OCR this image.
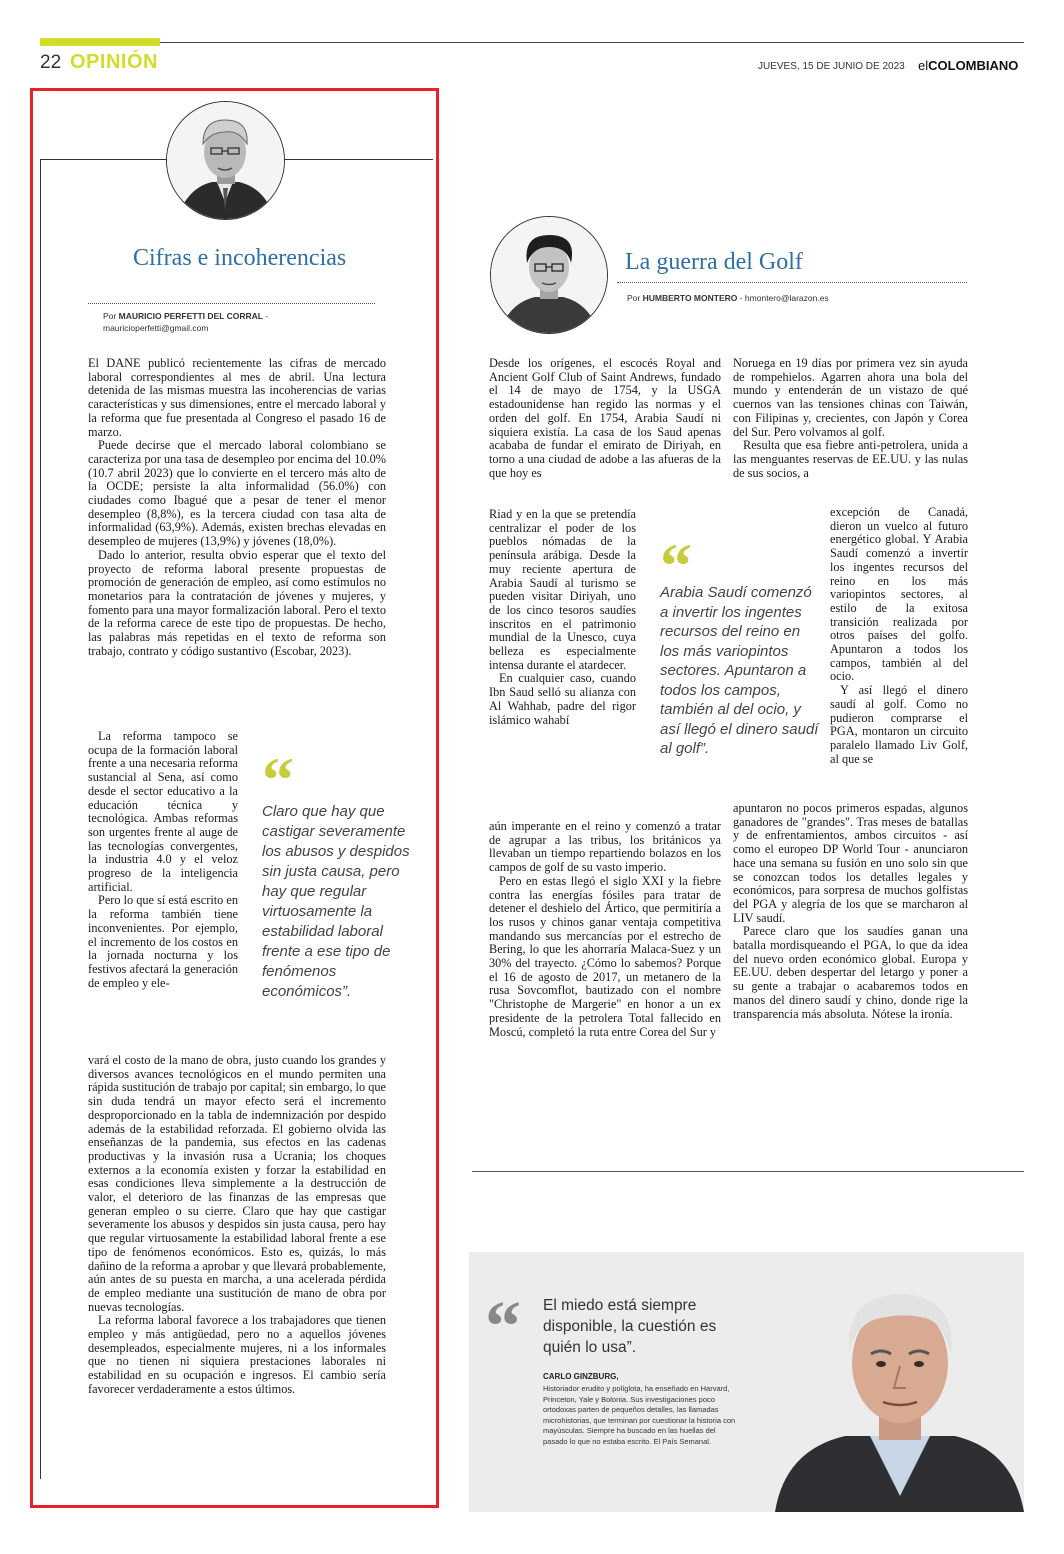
22 OPINIÓN	JUEVES, 15 DE JUNIO DE 2023 elCOLOMBIANO
Cifras e incoherencias
Por MAURICIO PERFETTI DEL CORRAL - mauricioperfetti@gmail.com

El DANE publicó recientemente las cifras de mercado laboral correspondientes al mes de abril. Una lectura detenida de las mismas muestra las incoherencias de varias características y sus dimensiones, entre el mercado laboral y la reforma que fue presentada al Congreso el pasado 16 de marzo.

Puede decirse que el mercado laboral colombiano se caracteriza por una tasa de desempleo por encima del 10.0% (10.7 abril 2023) que lo convierte en el tercero más alto de la OCDE; persiste la alta informalidad (56.0%) con ciudades como Ibagué que a pesar de tener el menor desempleo (8,8%), es la tercera ciudad con tasa alta de informalidad (63,9%). Además, existen brechas elevadas en desempleo de mujeres (13,9%) y jóvenes (18,0%).

Dado lo anterior, resulta obvio esperar que el texto del proyecto de reforma laboral presente propuestas de promoción de generación de empleo, así como estímulos no monetarios para la contratación de jóvenes y mujeres, y fomento para una mayor formalización laboral. Pero el texto de la reforma carece de este tipo de propuestas. De hecho, las palabras más repetidas en el texto de reforma son trabajo, contrato y código sustantivo (Escobar, 2023).

La reforma tampoco se ocupa de la formación laboral frente a una necesaria reforma sustancial al Sena, así como desde el sector educativo a la educación técnica y tecnológica. Ambas reformas son urgentes frente al auge de las tecnologías convergentes, la industria 4.0 y el veloz progreso de la inteligencia artificial.

Pero lo que sí está escrito en la reforma también tiene inconvenientes. Por ejemplo, el incremento de los costos en la jornada nocturna y los festivos afectará la generación de empleo y ele-

“
Claro que hay que castigar severamente los abusos y despidos sin justa causa, pero hay que regular virtuosamente la estabilidad laboral frente a ese tipo de fenómenos económicos”.

vará el costo de la mano de obra, justo cuando los grandes y diversos avances tecnológicos en el mundo permiten una rápida sustitución de trabajo por capital; sin embargo, lo que sin duda tendrá un mayor efecto será el incremento desproporcionado en la tabla de indemnización por despido además de la estabilidad reforzada. El gobierno olvida las enseñanzas de la pandemia, sus efectos en las cadenas productivas y la invasión rusa a Ucrania; los choques externos a la economía existen y forzar la estabilidad en esas condiciones lleva simplemente a la destrucción de valor, el deterioro de las finanzas de las empresas que generan empleo o su cierre. Claro que hay que castigar severamente los abusos y despidos sin justa causa, pero hay que regular virtuosamente la estabilidad laboral frente a ese tipo de fenómenos económicos. Esto es, quizás, lo más dañino de la reforma a aprobar y que llevará probablemente, aún antes de su puesta en marcha, a una acelerada pérdida de empleo mediante una sustitución de mano de obra por nuevas tecnologías.

La reforma laboral favorece a los trabajadores que tienen empleo y más antigüedad, pero no a aquellos jóvenes desempleados, especialmente mujeres, ni a los informales que no tienen ni siquiera prestaciones laborales ni estabilidad en su ocupación e ingresos. El cambio sería favorecer verdaderamente a estos últimos.

La guerra del Golf
Por HUMBERTO MONTERO - hmontero@larazon.es

Desde los orígenes, el escocés Royal and Ancient Golf Club of Saint Andrews, fundado el 14 de mayo de 1754, y la USGA estadounidense han regido las normas y el orden del golf. En 1754, Arabia Saudí ni siquiera existía. La casa de los Saud apenas acababa de fundar el emirato de Diriyah, en torno a una ciudad de adobe a las afueras de la que hoy es

Riad y en la que se pretendía centralizar el poder de los pueblos nómadas de la península arábiga. Desde la muy reciente apertura de Arabia Saudí al turismo se pueden visitar Diriyah, uno de los cinco tesoros saudíes inscritos en el patrimonio mundial de la Unesco, cuya belleza es especialmente intensa durante el atardecer.

En cualquier caso, cuando Ibn Saud selló su alianza con Al Wahhab, padre del rigor islámico wahabí

aún imperante en el reino y comenzó a tratar de agrupar a las tribus, los británicos ya llevaban un tiempo repartiendo bolazos en los campos de golf de su vasto imperio.

Pero en estas llegó el siglo XXI y la fiebre contra las energías fósiles para tratar de detener el deshielo del Ártico, que permitiría a los rusos y chinos ganar ventaja competitiva mandando sus mercancías por el estrecho de Bering, lo que les ahorraría Malaca-Suez y un 30% del trayecto. ¿Cómo lo sabemos? Porque el 16 de agosto de 2017, un metanero de la rusa Sovcomflot, bautizado con el nombre "Christophe de Margerie" en honor a un ex presidente de la petrolera Total fallecido en Moscú, completó la ruta entre Corea del Sur y

Noruega en 19 días por primera vez sin ayuda de rompehielos. Agarren ahora una bola del mundo y entenderán de un vistazo de qué cuernos van las tensiones chinas con Taiwán, con Filipinas y, crecientes, con Japón y Corea del Sur. Pero volvamos al golf.

Resulta que esa fiebre anti-petrolera, unida a las menguantes reservas de EE.UU. y las nulas de sus socios, a

excepción de Canadá, dieron un vuelco al futuro energético global. Y Arabia Saudí comenzó a invertir los ingentes recursos del reino en los más variopintos sectores, al estilo de la exitosa transición realizada por otros países del golfo. Apuntaron a todos los campos, también al del ocio.

Y así llegó el dinero saudí al golf. Como no pudieron comprarse el PGA, montaron un circuito paralelo llamado Liv Golf, al que se

apuntaron no pocos primeros espadas, algunos ganadores de "grandes". Tras meses de batallas y de enfrentamientos, ambos circuitos - así como el europeo DP World Tour - anunciaron hace una semana su fusión en uno solo sin que se conozcan todos los detalles legales y económicos, para sorpresa de muchos golfistas del PGA y alegría de los que se marcharon al LIV saudí.

Parece claro que los saudíes ganan una batalla mordisqueando el PGA, lo que da idea del nuevo orden económico global. Europa y EE.UU. deben despertar del letargo y poner a su gente a trabajar o acabaremos todos en manos del dinero saudí y chino, donde rige la transparencia más absoluta. Nótese la ironía.

“
Arabia Saudí comenzó a invertir los ingentes recursos del reino en los más variopintos sectores. Apuntaron a todos los campos, también al del ocio, y así llegó el dinero saudí al golf”.
“ El miedo está siempre disponible, la cuestión es quién lo usa”.
CARLO GINZBURG,
Historiador erudito y políglota, ha enseñado en Harvard, Princeton, Yale y Bolonia. Sus investigaciones poco ortodoxas parten de pequeños detalles, las llamadas microhistorias, que terminan por cuestionar la historia con mayúsculas. Siempre ha buscado en las huellas del pasado lo que no estaba escrito. El País Semanal.
